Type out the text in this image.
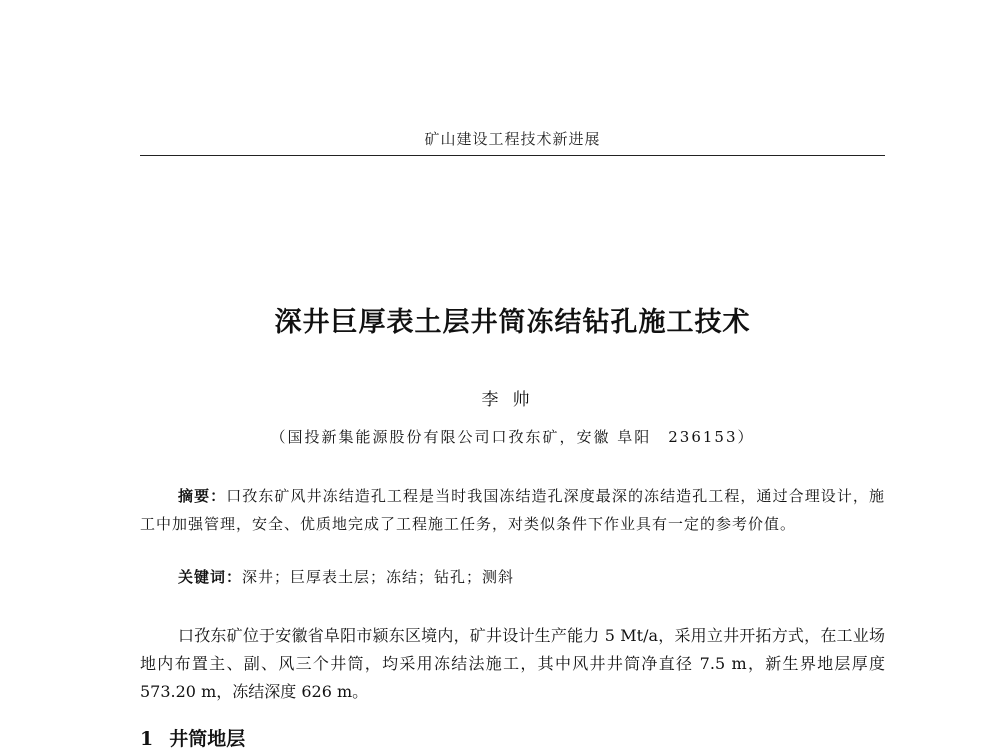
矿山建设工程技术新进展
深井巨厚表土层井筒冻结钻孔施工技术
李帅
（国投新集能源股份有限公司口孜东矿，安徽 阜阳　236153）

摘要：口孜东矿风井冻结造孔工程是当时我国冻结造孔深度最深的冻结造孔工程，通过合理设计，施工中加强管理，安全、优质地完成了工程施工任务，对类似条件下作业具有一定的参考价值。

关键词：深井；巨厚表土层；冻结；钻孔；测斜

口孜东矿位于安徽省阜阳市颍东区境内，矿井设计生产能力 5 Mt/a，采用立井开拓方式，在工业场地内布置主、副、风三个井筒，均采用冻结法施工，其中风井井筒净直径 7.5 m，新生界地层厚度 573.20 m，冻结深度 626 m。

1 井筒地层
